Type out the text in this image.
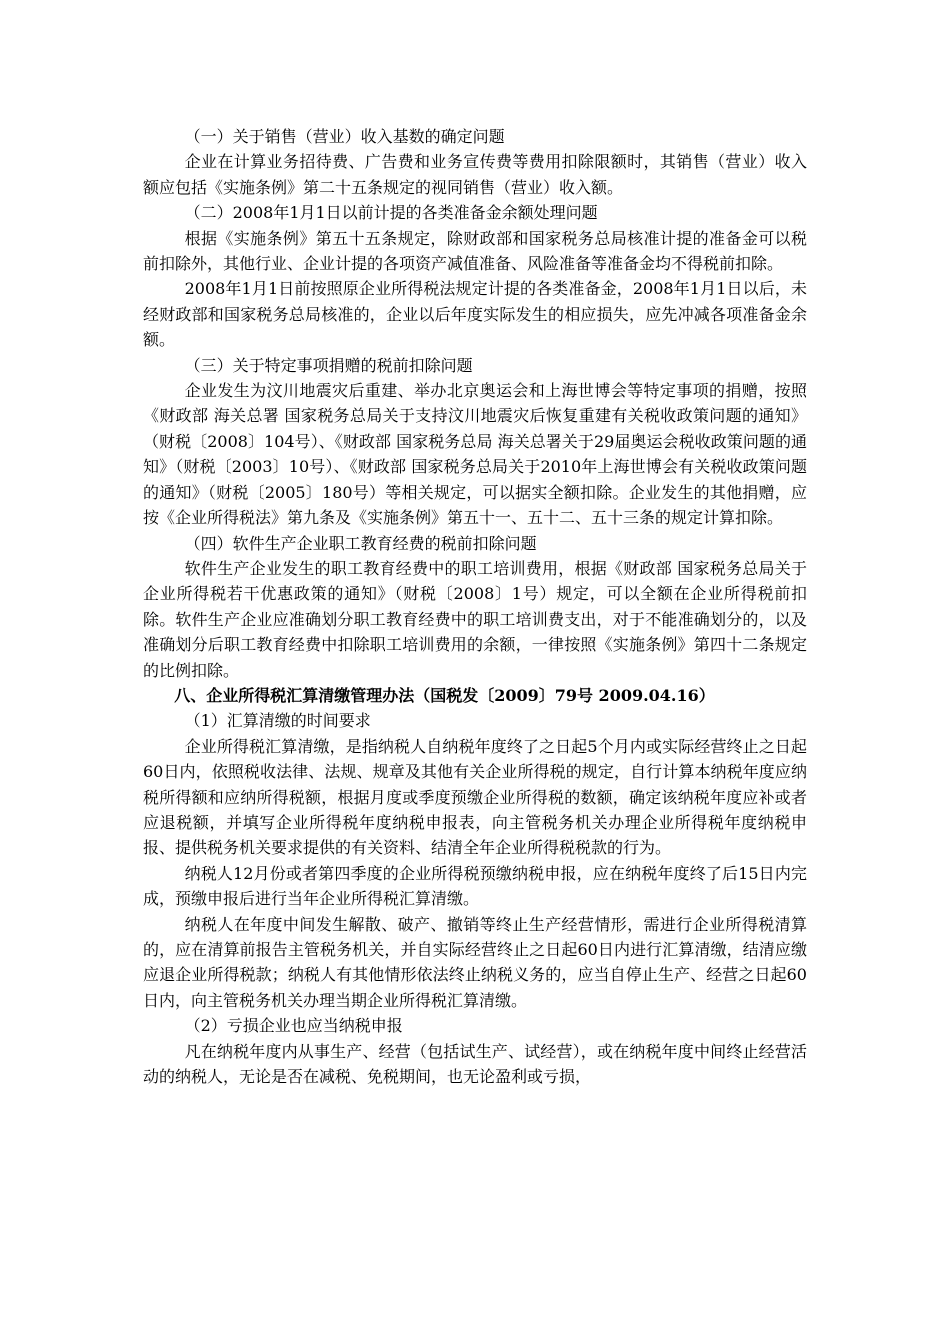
（一）关于销售（营业）收入基数的确定问题

企业在计算业务招待费、广告费和业务宣传费等费用扣除限额时，其销售（营业）收入额应包括《实施条例》第二十五条规定的视同销售（营业）收入额。

（二）2008年1月1日以前计提的各类准备金余额处理问题

根据《实施条例》第五十五条规定，除财政部和国家税务总局核准计提的准备金可以税前扣除外，其他行业、企业计提的各项资产减值准备、风险准备等准备金均不得税前扣除。

2008年1月1日前按照原企业所得税法规定计提的各类准备金，2008年1月1日以后，未经财政部和国家税务总局核准的，企业以后年度实际发生的相应损失，应先冲减各项准备金余额。

（三）关于特定事项捐赠的税前扣除问题

企业发生为汶川地震灾后重建、举办北京奥运会和上海世博会等特定事项的捐赠，按照《财政部 海关总署 国家税务总局关于支持汶川地震灾后恢复重建有关税收政策问题的通知》（财税〔2008〕104号）、《财政部 国家税务总局 海关总署关于29届奥运会税收政策问题的通知》（财税〔2003〕10号）、《财政部 国家税务总局关于2010年上海世博会有关税收政策问题的通知》（财税〔2005〕180号）等相关规定，可以据实全额扣除。企业发生的其他捐赠，应按《企业所得税法》第九条及《实施条例》第五十一、五十二、五十三条的规定计算扣除。

（四）软件生产企业职工教育经费的税前扣除问题

软件生产企业发生的职工教育经费中的职工培训费用，根据《财政部 国家税务总局关于企业所得税若干优惠政策的通知》（财税〔2008〕1号）规定，可以全额在企业所得税前扣除。软件生产企业应准确划分职工教育经费中的职工培训费支出，对于不能准确划分的，以及准确划分后职工教育经费中扣除职工培训费用的余额，一律按照《实施条例》第四十二条规定的比例扣除。

八、企业所得税汇算清缴管理办法（国税发〔2009〕79号 2009.04.16）

（1）汇算清缴的时间要求

企业所得税汇算清缴，是指纳税人自纳税年度终了之日起5个月内或实际经营终止之日起60日内，依照税收法律、法规、规章及其他有关企业所得税的规定，自行计算本纳税年度应纳税所得额和应纳所得税额，根据月度或季度预缴企业所得税的数额，确定该纳税年度应补或者应退税额，并填写企业所得税年度纳税申报表，向主管税务机关办理企业所得税年度纳税申报、提供税务机关要求提供的有关资料、结清全年企业所得税税款的行为。

纳税人12月份或者第四季度的企业所得税预缴纳税申报，应在纳税年度终了后15日内完成，预缴申报后进行当年企业所得税汇算清缴。

纳税人在年度中间发生解散、破产、撤销等终止生产经营情形，需进行企业所得税清算的，应在清算前报告主管税务机关，并自实际经营终止之日起60日内进行汇算清缴，结清应缴应退企业所得税款；纳税人有其他情形依法终止纳税义务的，应当自停止生产、经营之日起60日内，向主管税务机关办理当期企业所得税汇算清缴。

（2）亏损企业也应当纳税申报

凡在纳税年度内从事生产、经营（包括试生产、试经营），或在纳税年度中间终止经营活动的纳税人，无论是否在减税、免税期间，也无论盈利或亏损，
